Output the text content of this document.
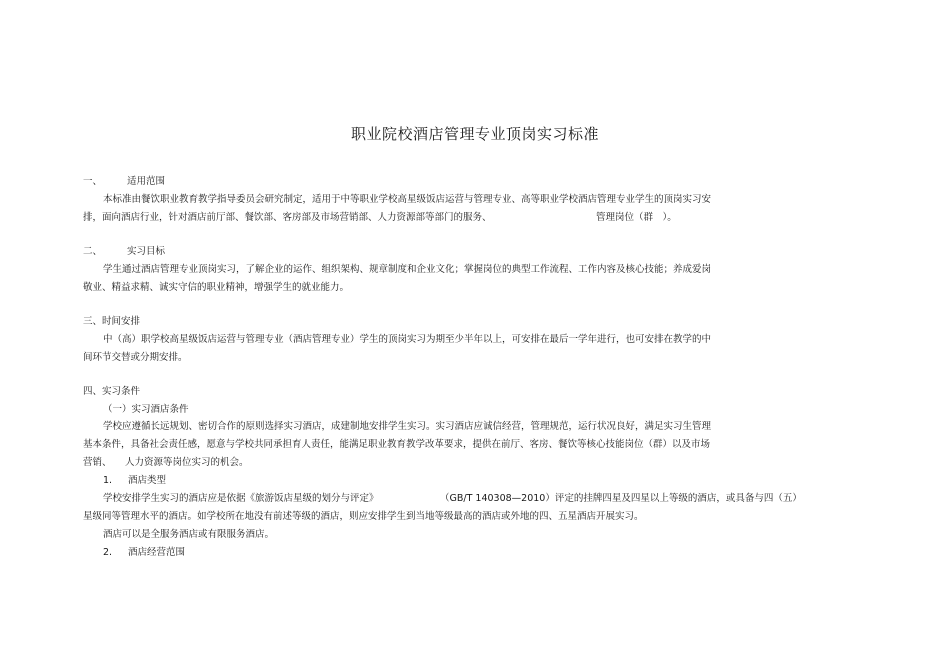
职业院校酒店管理专业顶岗实习标准
一、	适用范围
本标准由餐饮职业教育教学指导委员会研究制定，适用于中等职业学校高星级饭店运营与管理专业、高等职业学校酒店管理专业学生的顶岗实习安
排，面向酒店行业，针对酒店前厅部、餐饮部、客房部及市场营销部、人力资源部等部门的服务、	管理岗位（群　）。
二、	实习目标
学生通过酒店管理专业顶岗实习，了解企业的运作、组织架构、规章制度和企业文化；掌握岗位的典型工作流程、工作内容及核心技能；养成爱岗
敬业、精益求精、诚实守信的职业精神，增强学生的就业能力。
三、时间安排
中（高）职学校高星级饭店运营与管理专业（酒店管理专业）学生的顶岗实习为期至少半年以上，可安排在最后一学年进行，也可安排在教学的中
间环节交替或分期安排。
四、实习条件
（一）实习酒店条件
学校应遵循长远规划、密切合作的原则选择实习酒店，成建制地安排学生实习。实习酒店应诚信经营，管理规范，运行状况良好，满足实习生管理
基本条件，具备社会责任感，愿意与学校共同承担育人责任，能满足职业教育教学改革要求，提供在前厅、客房、餐饮等核心技能岗位（群）以及市场
营销、 人力资源等岗位实习的机会。
1. 酒店类型
学校安排学生实习的酒店应是依据《旅游饭店星级的划分与评定》	（GB/T 140308—2010）评定的挂牌四星及四星以上等级的酒店，或具备与四（五）
星级同等管理水平的酒店。如学校所在地没有前述等级的酒店，则应安排学生到当地等级最高的酒店或外地的四、五星酒店开展实习。
酒店可以是全服务酒店或有限服务酒店。
2. 酒店经营范围
